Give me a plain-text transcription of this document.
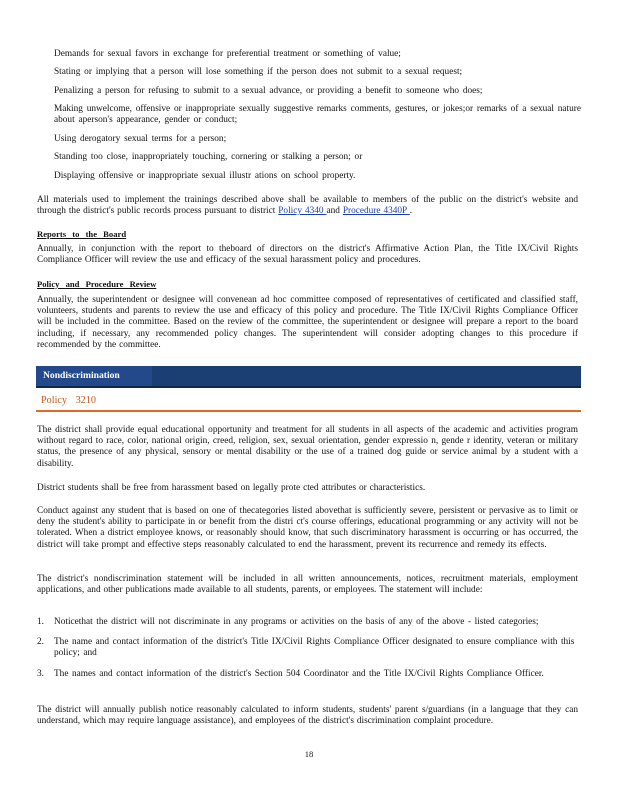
Demands for sexual favors in exchange for preferential treatment or something of value;
Stating or implying that a person will lose something if the person does not submit to a sexual request;
Penalizing a person for refusing to submit to a sexual advance, or providing a benefit to someone who does;
Making unwelcome, offensive or inappropriate sexually suggestive remarks comments, gestures, or jokes;or remarks of a sexual nature about aperson's appearance, gender or conduct;
Using derogatory sexual terms for a person;
Standing too close, inappropriately touching, cornering or stalking a person; or
Displaying offensive or inappropriate sexual illustr ations on school property.
All materials used to implement the trainings described above shall be available to members of the public on the district's website and through the district's public records process pursuant to district Policy 4340 and Procedure 4340P .
Reports to the Board
Annually, in conjunction with the report to theboard of directors on the district's Affirmative Action Plan, the Title IX/Civil Rights Compliance Officer will review the use and efficacy of the sexual harassment policy and procedures.
Policy and Procedure Review
Annually, the superintendent or designee will convenean ad hoc committee composed of representatives of certificated and classified staff, volunteers, students and parents to review the use and efficacy of this policy and procedure. The Title IX/Civil Rights Compliance Officer will be included in the committee. Based on the review of the committee, the superintendent or designee will prepare a report to the board including, if necessary, any recommended policy changes. The superintendent will consider adopting changes to this procedure if recommended by the committee.
Nondiscrimination
Policy 3210
The district shall provide equal educational opportunity and treatment for all students in all aspects of the academic and activities program without regard to race, color, national origin, creed, religion, sex, sexual orientation, gender expressio n, gende r identity, veteran or military status, the presence of any physical, sensory or mental disability or the use of a trained dog guide or service animal by a student with a disability.
District students shall be free from harassment based on legally prote cted attributes or characteristics.
Conduct against any student that is based on one of thecategories listed abovethat is sufficiently severe, persistent or pervasive as to limit or deny the student's ability to participate in or benefit from the distri ct's course offerings, educational programming or any activity will not be tolerated. When a district employee knows, or reasonably should know, that such discriminatory harassment is occurring or has occurred, the district will take prompt and effective steps reasonably calculated to end the harassment, prevent its recurrence and remedy its effects.
The district's nondiscrimination statement will be included in all written announcements, notices, recruitment materials, employment applications, and other publications made available to all students, parents, or employees. The statement will include:
1.	Noticethat the district will not discriminate in any programs or activities on the basis of any of the above - listed categories;
2.	The name and contact information of the district's Title IX/Civil Rights Compliance Officer designated to ensure compliance with this policy; and
3.	The names and contact information of the district's Section 504 Coordinator and the Title IX/Civil Rights Compliance Officer.
The district will annually publish notice reasonably calculated to inform students, students' parent s/guardians (in a language that they can understand, which may require language assistance), and employees of the district's discrimination complaint procedure.
18
